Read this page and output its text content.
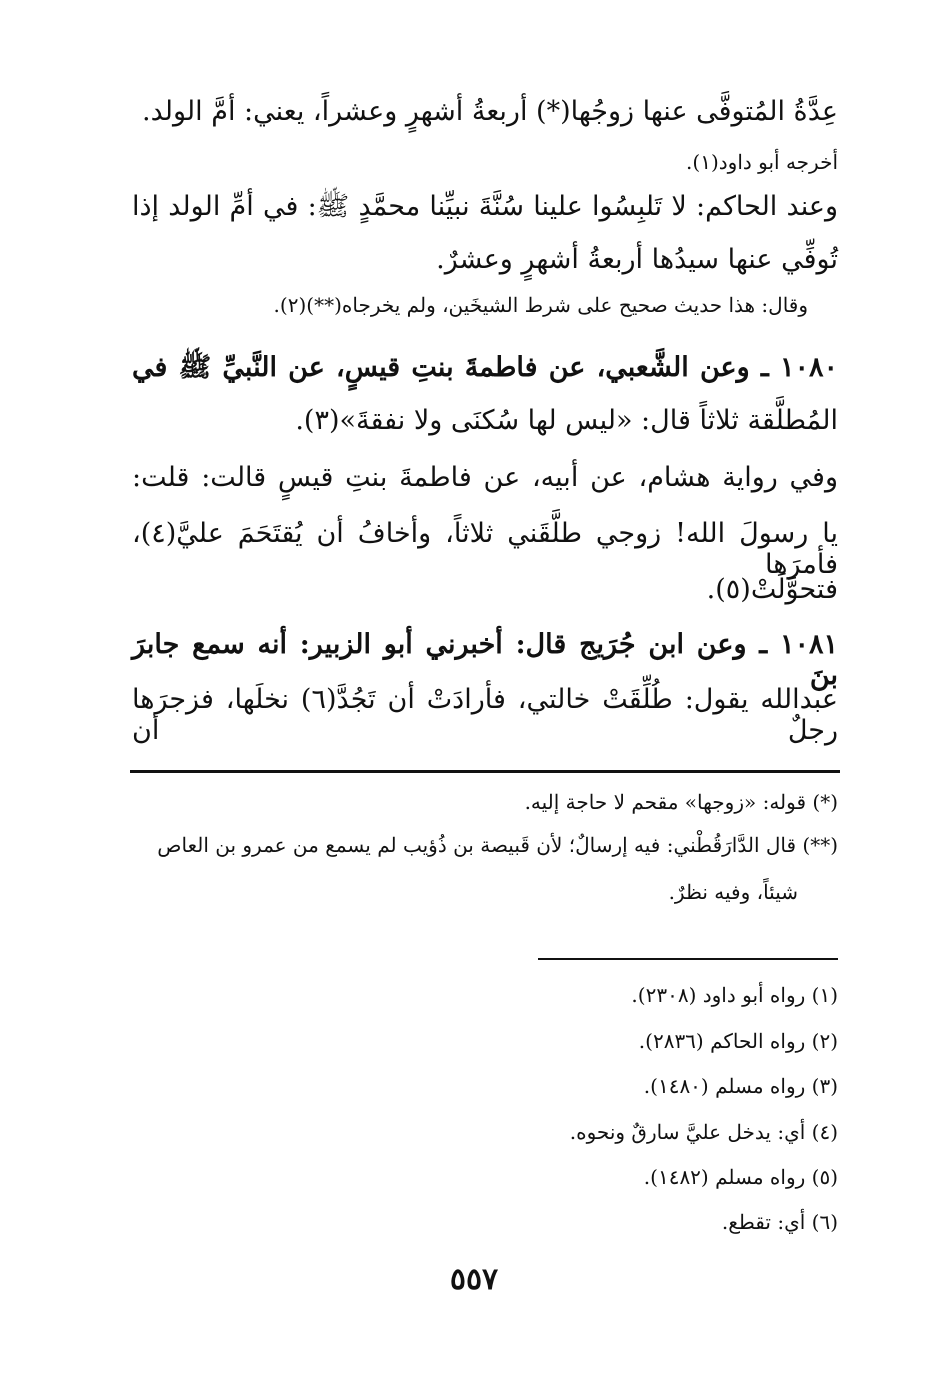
عِدَّةُ المُتوفَّى عنها زوجُها(*) أربعةُ أشهرٍ وعشراً، يعني: أمَّ الولد.
أخرجه أبو داود(١).
وعند الحاكم: لا تَلبِسُوا علينا سُنَّةَ نبيِّنا محمَّدٍ ﷺ: في أمِّ الولد إذا
تُوفِّي عنها سيدُها أربعةُ أشهرٍ وعشرٌ.
وقال: هذا حديث صحيح على شرط الشيخَين، ولم يخرجاه(**)(٢).
١٠٨٠ ـ وعن الشَّعبي، عن فاطمةَ بنتِ قيسٍ، عن النَّبيِّ ﷺ في
المُطلَّقة ثلاثاً قال: «ليس لها سُكنَى ولا نفقةَ»(٣).
وفي رواية هشام، عن أبيه، عن فاطمةَ بنتِ قيسٍ قالت: قلت:
يا رسولَ الله! زوجي طلَّقَني ثلاثاً، وأخافُ أن يُقتَحَمَ عليَّ(٤)، فأمرَها
فتحوَّلَتْ(٥).
١٠٨١ ـ وعن ابن جُرَيج قال: أخبرني أبو الزبير: أنه سمع جابرَ بنَ
عبدالله يقول: طُلِّقَتْ خالتي، فأرادَتْ أن تَجُدَّ(٦) نخلَها، فزجرَها رجلٌ أن
(*) قوله: «زوجها» مقحم لا حاجة إليه.
(**) قال الدَّارَقُطْني: فيه إرسالٌ؛ لأن قَبيصة بن ذُؤيب لم يسمع من عمرو بن العاص
شيئاً، وفيه نظرٌ.
(١) رواه أبو داود (٢٣٠٨).
(٢) رواه الحاكم (٢٨٣٦).
(٣) رواه مسلم (١٤٨٠).
(٤) أي: يدخل عليَّ سارقٌ ونحوه.
(٥) رواه مسلم (١٤٨٢).
(٦) أي: تقطع.
٥٥٧
